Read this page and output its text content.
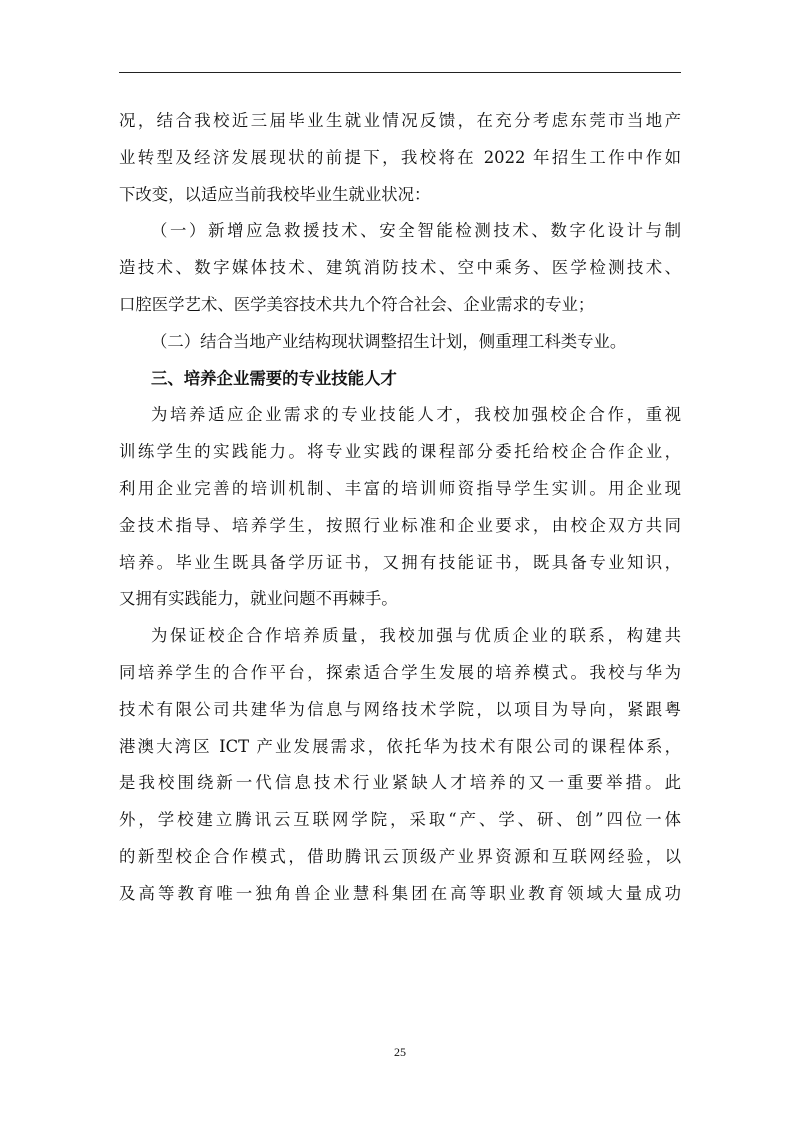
况，结合我校近三届毕业生就业情况反馈，在充分考虑东莞市当地产
业转型及经济发展现状的前提下，我校将在 2022 年招生工作中作如
下改变，以适应当前我校毕业生就业状况：
（一）新增应急救援技术、安全智能检测技术、数字化设计与制
造技术、数字媒体技术、建筑消防技术、空中乘务、医学检测技术、
口腔医学艺术、医学美容技术共九个符合社会、企业需求的专业；
（二）结合当地产业结构现状调整招生计划，侧重理工科类专业。
三、培养企业需要的专业技能人才
为培养适应企业需求的专业技能人才，我校加强校企合作，重视
训练学生的实践能力。将专业实践的课程部分委托给校企合作企业，
利用企业完善的培训机制、丰富的培训师资指导学生实训。用企业现
金技术指导、培养学生，按照行业标准和企业要求，由校企双方共同
培养。毕业生既具备学历证书，又拥有技能证书，既具备专业知识，
又拥有实践能力，就业问题不再棘手。
为保证校企合作培养质量，我校加强与优质企业的联系，构建共
同培养学生的合作平台，探索适合学生发展的培养模式。我校与华为
技术有限公司共建华为信息与网络技术学院，以项目为导向，紧跟粤
港澳大湾区 ICT 产业发展需求，依托华为技术有限公司的课程体系，
是我校围绕新一代信息技术行业紧缺人才培养的又一重要举措。此
外，学校建立腾讯云互联网学院，采取“产、学、研、创”四位一体
的新型校企合作模式，借助腾讯云顶级产业界资源和互联网经验，以
及高等教育唯一独角兽企业慧科集团在高等职业教育领域大量成功
25
